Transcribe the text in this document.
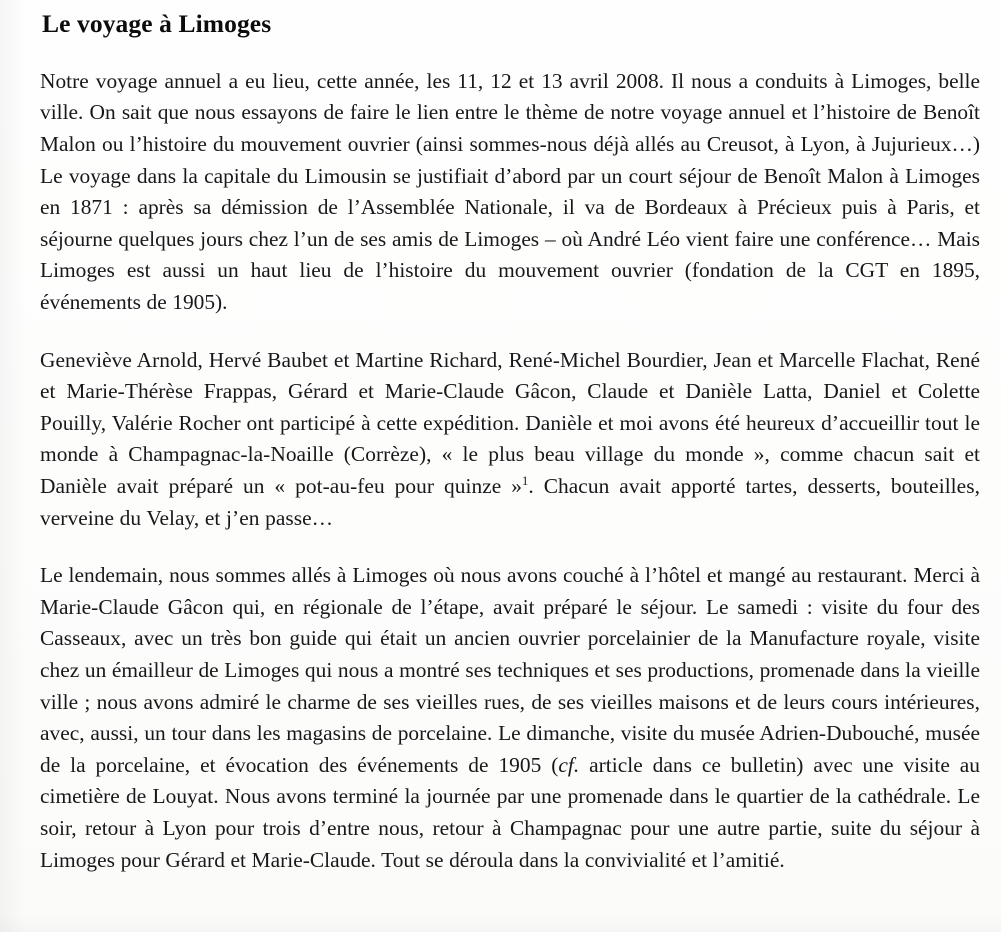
Le voyage à Limoges

Notre voyage annuel a eu lieu, cette année, les 11, 12 et 13 avril 2008. Il nous a conduits à Limoges, belle ville. On sait que nous essayons de faire le lien entre le thème de notre voyage annuel et l’histoire de Benoît Malon ou l’histoire du mouvement ouvrier (ainsi sommes-nous déjà allés au Creusot, à Lyon, à Jujurieux…) Le voyage dans la capitale du Limousin se justifiait d’abord par un court séjour de Benoît Malon à Limoges en 1871 : après sa démission de l’Assemblée Nationale, il va de Bordeaux à Précieux puis à Paris, et séjourne quelques jours chez l’un de ses amis de Limoges – où André Léo vient faire une conférence… Mais Limoges est aussi un haut lieu de l’histoire du mouvement ouvrier (fondation de la CGT en 1895, événements de 1905).

Geneviève Arnold, Hervé Baubet et Martine Richard, René-Michel Bourdier, Jean et Marcelle Flachat, René et Marie-Thérèse Frappas, Gérard et Marie-Claude Gâcon, Claude et Danièle Latta, Daniel et Colette Pouilly, Valérie Rocher ont participé à cette expédition. Danièle et moi avons été heureux d’accueillir tout le monde à Champagnac-la-Noaille (Corrèze), « le plus beau village du monde », comme chacun sait et Danièle avait préparé un « pot-au-feu pour quinze »$^1$. Chacun avait apporté tartes, desserts, bouteilles, verveine du Velay, et j’en passe…

Le lendemain, nous sommes allés à Limoges où nous avons couché à l’hôtel et mangé au restaurant. Merci à Marie-Claude Gâcon qui, en régionale de l’étape, avait préparé le séjour. Le samedi : visite du four des Casseaux, avec un très bon guide qui était un ancien ouvrier porcelainier de la Manufacture royale, visite chez un émailleur de Limoges qui nous a montré ses techniques et ses productions, promenade dans la vieille ville ; nous avons admiré le charme de ses vieilles rues, de ses vieilles maisons et de leurs cours intérieures, avec, aussi, un tour dans les magasins de porcelaine. Le dimanche, visite du musée Adrien-Dubouché, musée de la porcelaine, et évocation des événements de 1905 (cf. article dans ce bulletin) avec une visite au cimetière de Louyat. Nous avons terminé la journée par une promenade dans le quartier de la cathédrale. Le soir, retour à Lyon pour trois d’entre nous, retour à Champagnac pour une autre partie, suite du séjour à Limoges pour Gérard et Marie-Claude. Tout se déroula dans la convivialité et l’amitié.
